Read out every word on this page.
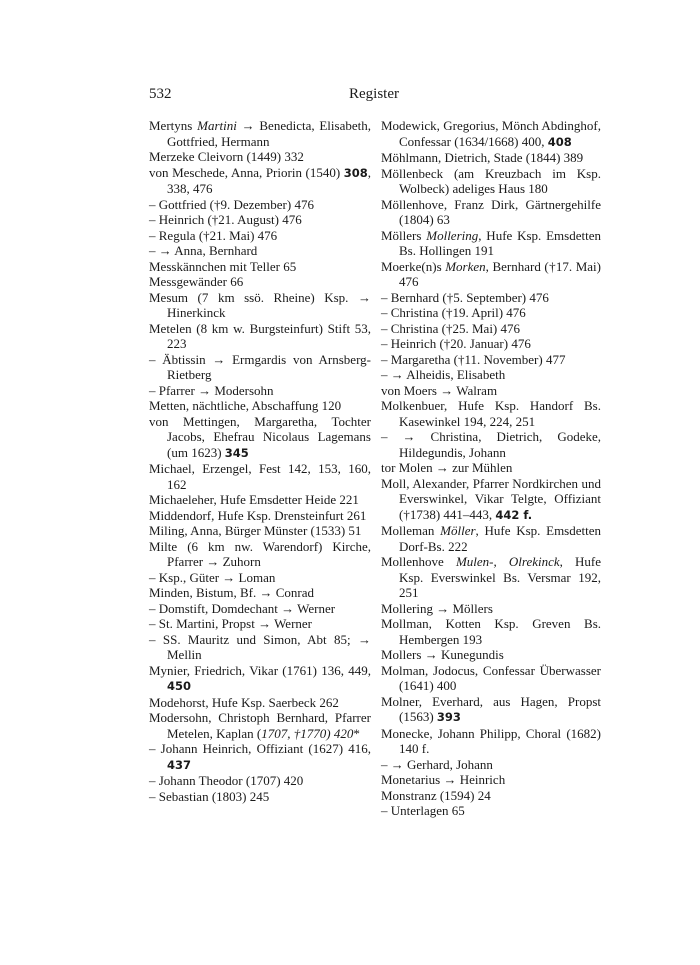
532	Register

Mertyns Martini → Benedicta, Elisabeth, Gottfried, Hermann

Merzeke Cleivorn (1449) 332

von Meschede, Anna, Priorin (1540) 308, 338, 476

– Gottfried (†9. Dezember) 476

– Heinrich (†21. August) 476

– Regula (†21. Mai) 476

– → Anna, Bernhard

Messkännchen mit Teller 65

Messgewänder 66

Mesum (7 km ssö. Rheine) Ksp. → Hinerkinck

Metelen (8 km w. Burgsteinfurt) Stift 53, 223

– Äbtissin → Ermgardis von Arnsberg-Rietberg

– Pfarrer → Modersohn

Metten, nächtliche, Abschaffung 120

von Mettingen, Margaretha, Tochter Jacobs, Ehefrau Nicolaus Lagemans (um 1623) 345

Michael, Erzengel, Fest 142, 153, 160, 162

Michaeleher, Hufe Emsdetter Heide 221

Middendorf, Hufe Ksp. Drensteinfurt 261

Miling, Anna, Bürger Münster (1533) 51

Milte (6 km nw. Warendorf) Kirche, Pfarrer → Zuhorn

– Ksp., Güter → Loman

Minden, Bistum, Bf. → Conrad

– Domstift, Domdechant → Werner

– St. Martini, Propst → Werner

– SS. Mauritz und Simon, Abt 85; → Mellin

Mynier, Friedrich, Vikar (1761) 136, 449, 450

Modehorst, Hufe Ksp. Saerbeck 262

Modersohn, Christoph Bernhard, Pfarrer Metelen, Kaplan (1707, †1770) 420*

– Johann Heinrich, Offiziant (1627) 416, 437

– Johann Theodor (1707) 420

– Sebastian (1803) 245

Modewick, Gregorius, Mönch Abdinghof, Confessar (1634/1668) 400, 408

Möhlmann, Dietrich, Stade (1844) 389

Möllenbeck (am Kreuzbach im Ksp. Wolbeck) adeliges Haus 180

Möllenhove, Franz Dirk, Gärtnergehilfe (1804) 63

Möllers Mollering, Hufe Ksp. Emsdetten Bs. Hollingen 191

Moerke(n)s Morken, Bernhard (†17. Mai) 476

– Bernhard (†5. September) 476

– Christina (†19. April) 476

– Christina (†25. Mai) 476

– Heinrich (†20. Januar) 476

– Margaretha (†11. November) 477

– → Alheidis, Elisabeth

von Moers → Walram

Molkenbuer, Hufe Ksp. Handorf Bs. Kasewinkel 194, 224, 251

– → Christina, Dietrich, Godeke, Hildegundis, Johann

tor Molen → zur Mühlen

Moll, Alexander, Pfarrer Nordkirchen und Everswinkel, Vikar Telgte, Offiziant (†1738) 441–443, 442 f.

Molleman Möller, Hufe Ksp. Emsdetten Dorf-Bs. 222

Mollenhove Mulen-, Olrekinck, Hufe Ksp. Everswinkel Bs. Versmar 192, 251

Mollering → Möllers

Mollman, Kotten Ksp. Greven Bs. Hembergen 193

Mollers → Kunegundis

Molman, Jodocus, Confessar Überwasser (1641) 400

Molner, Everhard, aus Hagen, Propst (1563) 393

Monecke, Johann Philipp, Choral (1682) 140 f.

– → Gerhard, Johann

Monetarius → Heinrich

Monstranz (1594) 24

– Unterlagen 65
